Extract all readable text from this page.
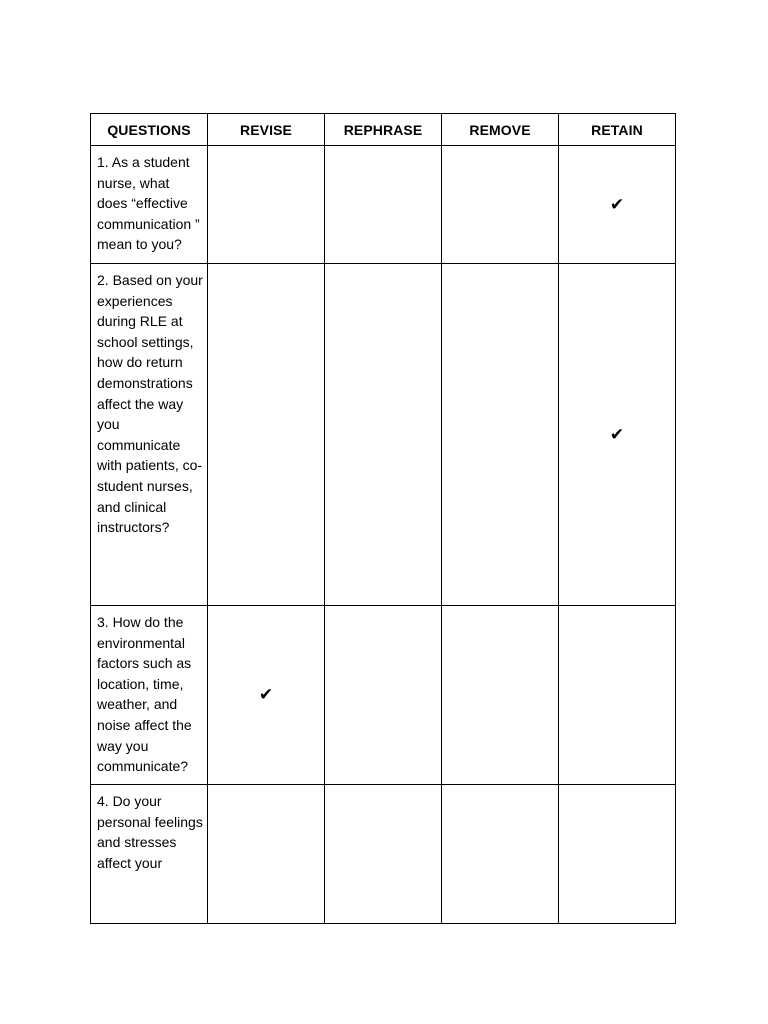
QUESTIONS	REVISE	REPHRASE	REMOVE	RETAIN
1. As a student nurse, what does “effective communication ” mean to you?				✔
2. Based on your experiences during RLE at school settings, how do return demonstrations affect the way you communicate with patients, co-student nurses, and clinical instructors?				✔
3. How do the environmental factors such as location, time, weather, and noise affect the way you communicate?	✔			
4. Do your personal feelings and stresses affect your				
